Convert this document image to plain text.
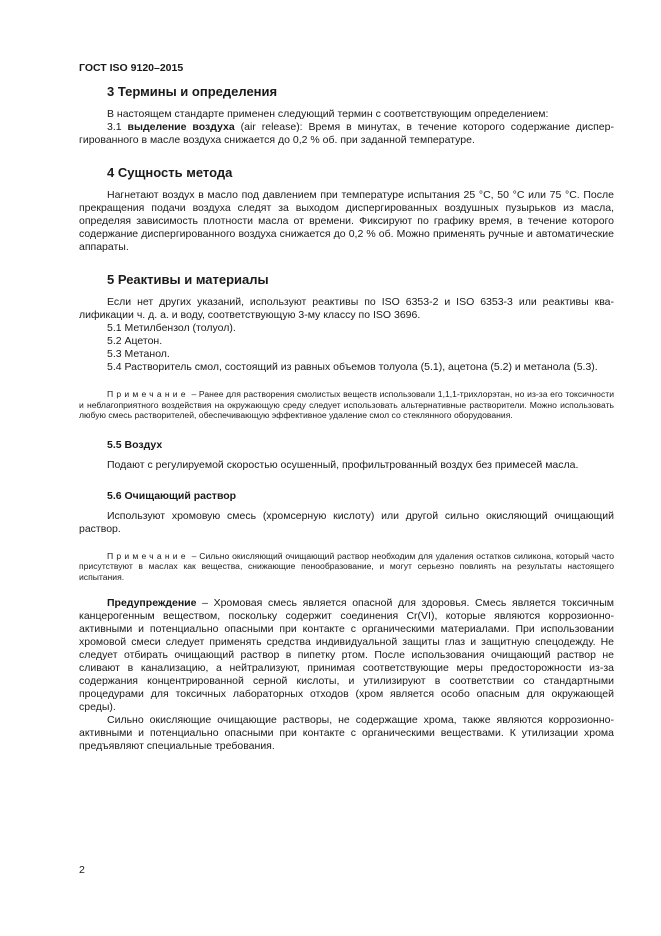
ГОСТ ISO 9120–2015
3 Термины и определения

В настоящем стандарте применен следующий термин с соответствующим определением:

3.1 выделение воздуха (air release): Время в минутах, в течение которого содержание диспергированного в масле воздуха снижается до 0,2 % об. при заданной температуре.

4 Сущность метода

Нагнетают воздух в масло под давлением при температуре испытания 25 °С, 50 °С или 75 °С. После прекращения подачи воздуха следят за выходом диспергированных воздушных пузырьков из масла, определяя зависимость плотности масла от времени. Фиксируют по графику время, в течение которого содержание диспергированного воздуха снижается до 0,2 % об. Можно применять ручные и автоматические аппараты.

5 Реактивы и материалы

Если нет других указаний, используют реактивы по ISO 6353-2 и ISO 6353-3 или реактивы квалификации ч. д. а. и воду, соответствующую 3-му классу по ISO 3696.

5.1 Метилбензол (толуол).

5.2 Ацетон.

5.3 Метанол.

5.4 Растворитель смол, состоящий из равных объемов толуола (5.1), ацетона (5.2) и метанола (5.3).

Примечание – Ранее для растворения смолистых веществ использовали 1,1,1-трихлорэтан, но из-за его токсичности и неблагоприятного воздействия на окружающую среду следует использовать альтернативные растворители. Можно использовать любую смесь растворителей, обеспечивающую эффективное удаление смол со стеклянного оборудования.

5.5 Воздух

Подают с регулируемой скоростью осушенный, профильтрованный воздух без примесей масла.

5.6 Очищающий раствор

Используют хромовую смесь (хромсерную кислоту) или другой сильно окисляющий очищающий раствор.

Примечание – Сильно окисляющий очищающий раствор необходим для удаления остатков силикона, который часто присутствуют в маслах как вещества, снижающие пенообразование, и могут серьезно повлиять на результаты настоящего испытания.

Предупреждение – Хромовая смесь является опасной для здоровья. Смесь является токсичным канцерогенным веществом, поскольку содержит соединения Cr(VI), которые являются коррозионно-активными и потенциально опасными при контакте с органическими материалами. При использовании хромовой смеси следует применять средства индивидуальной защиты глаз и защитную спецодежду. Не следует отбирать очищающий раствор в пипетку ртом. После использования очищающий раствор не сливают в канализацию, а нейтрализуют, принимая соответствующие меры предосторожности из-за содержания концентрированной серной кислоты, и утилизируют в соответствии со стандартными процедурами для токсичных лабораторных отходов (хром является особо опасным для окружающей среды).

Сильно окисляющие очищающие растворы, не содержащие хрома, также являются коррозионно-активными и потенциально опасными при контакте с органическими веществами. К утилизации хрома предъявляют специальные требования.

2
